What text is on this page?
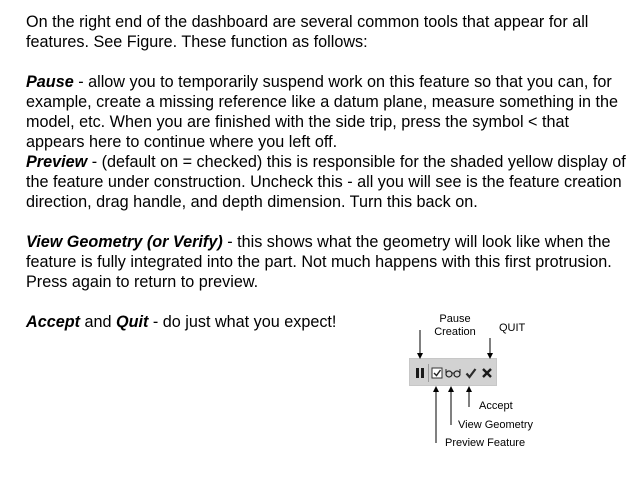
On the right end of the dashboard are several common tools that appear for all features. See Figure. These function as follows:

Pause - allow you to temporarily suspend work on this feature so that you can, for example, create a missing reference like a datum plane, measure something in the model, etc. When you are finished with the side trip, press the symbol < that appears here to continue where you left off.

Preview - (default on = checked) this is responsible for the shaded yellow display of the feature under construction. Uncheck this - all you will see is the feature creation direction, drag handle, and depth dimension. Turn this back on.

View Geometry (or Verify) - this shows what the geometry will look like when the feature is fully integrated into the part. Not much happens with this first protrusion. Press again to return to preview.

Accept and Quit - do just what you expect!	Pause
Creation QUIT
Accept
View Geometry
Preview Feature
